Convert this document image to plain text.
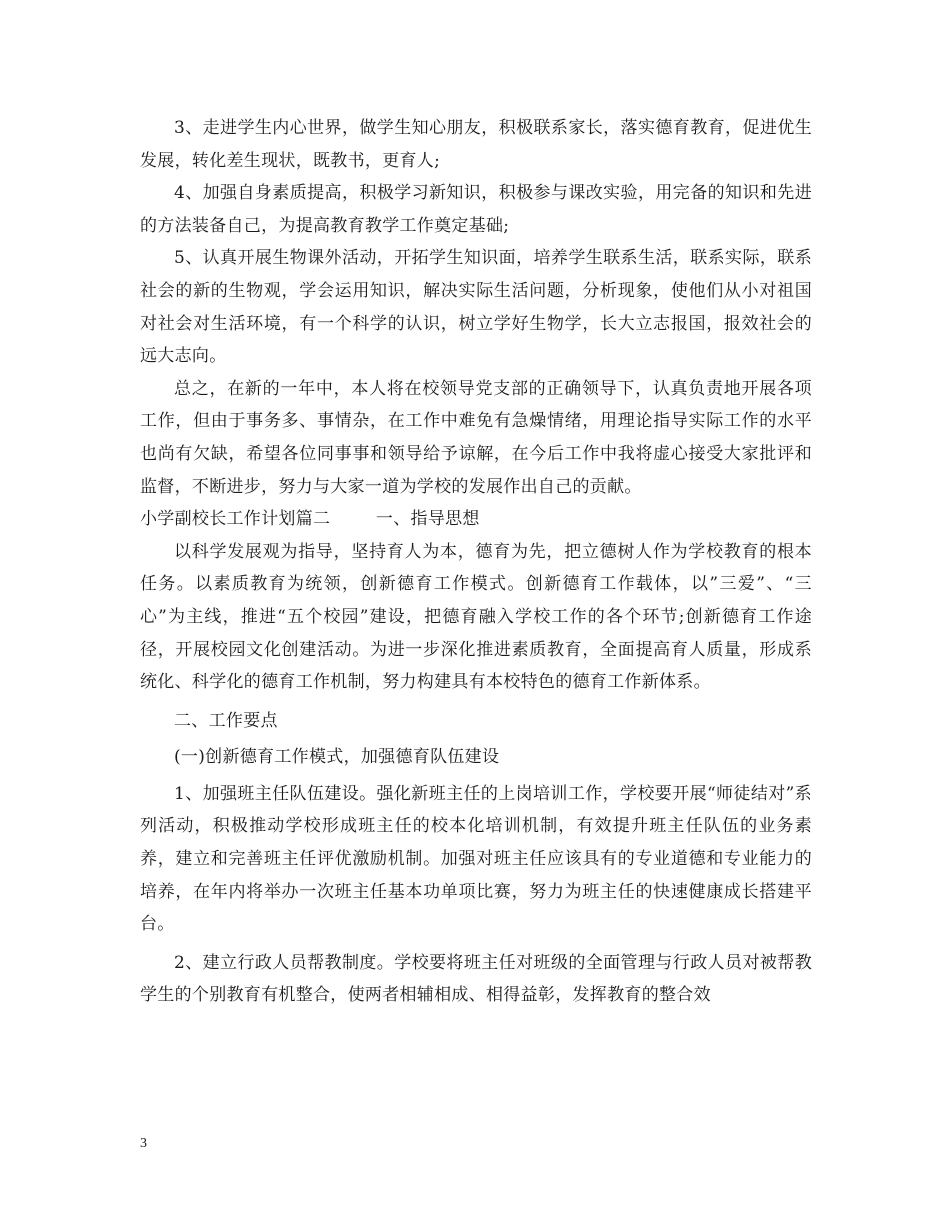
3、走进学生内心世界，做学生知心朋友，积极联系家长，落实德育教育，促进优生发展，转化差生现状，既教书，更育人;

4、加强自身素质提高，积极学习新知识，积极参与课改实验，用完备的知识和先进的方法装备自己，为提高教育教学工作奠定基础;

5、认真开展生物课外活动，开拓学生知识面，培养学生联系生活，联系实际，联系社会的新的生物观，学会运用知识，解决实际生活问题，分析现象，使他们从小对祖国对社会对生活环境，有一个科学的认识，树立学好生物学，长大立志报国，报效社会的远大志向。

总之，在新的一年中，本人将在校领导党支部的正确领导下，认真负责地开展各项工作，但由于事务多、事情杂，在工作中难免有急燥情绪，用理论指导实际工作的水平也尚有欠缺，希望各位同事事和领导给予谅解，在今后工作中我将虚心接受大家批评和监督，不断进步，努力与大家一道为学校的发展作出自己的贡献。

小学副校长工作计划篇二        一、指导思想

以科学发展观为指导，坚持育人为本，德育为先，把立德树人作为学校教育的根本任务。以素质教育为统领，创新德育工作模式。创新德育工作载体，以”三爱”、“三心”为主线，推进“五个校园”建设，把德育融入学校工作的各个环节;创新德育工作途径，开展校园文化创建活动。为进一步深化推进素质教育，全面提高育人质量，形成系统化、科学化的德育工作机制，努力构建具有本校特色的德育工作新体系。

二、工作要点

(一)创新德育工作模式，加强德育队伍建设

1、加强班主任队伍建设。强化新班主任的上岗培训工作，学校要开展“师徒结对”系列活动，积极推动学校形成班主任的校本化培训机制，有效提升班主任队伍的业务素养，建立和完善班主任评优激励机制。加强对班主任应该具有的专业道德和专业能力的培养，在年内将举办一次班主任基本功单项比赛，努力为班主任的快速健康成长搭建平台。

2、建立行政人员帮教制度。学校要将班主任对班级的全面管理与行政人员对被帮教学生的个别教育有机整合，使两者相辅相成、相得益彰，发挥教育的整合效

3
